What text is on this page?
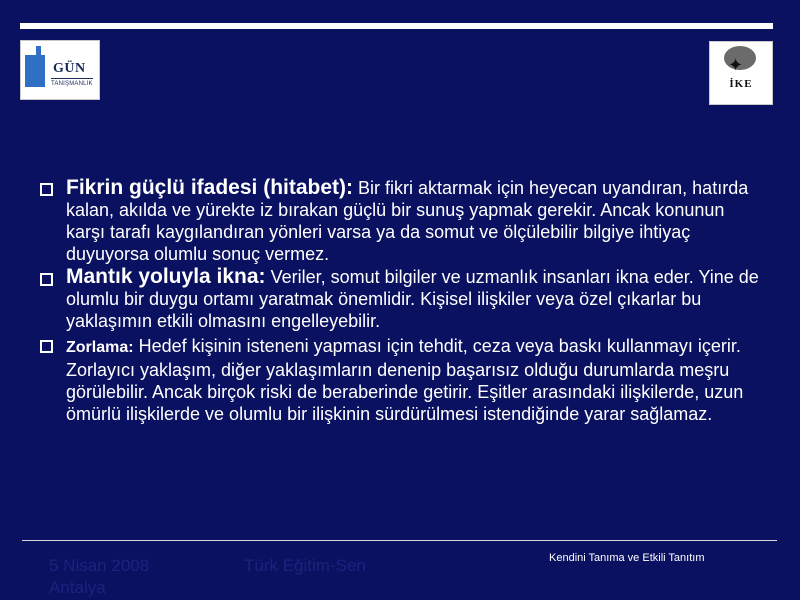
GÜN
TANIŞMANLIK
✦
İKE
Fikrin güçlü ifadesi (hitabet): Bir fikri aktarmak için heyecan uyandıran, hatırda kalan, akılda ve yürekte iz bırakan güçlü bir sunuş yapmak gerekir. Ancak konunun karşı tarafı kaygılandıran yönleri varsa ya da somut ve ölçülebilir bilgiye ihtiyaç duyuyorsa olumlu sonuç vermez.
Mantık yoluyla ikna: Veriler, somut bilgiler ve uzmanlık insanları ikna eder. Yine de olumlu bir duygu ortamı yaratmak önemlidir. Kişisel ilişkiler veya özel çıkarlar bu yaklaşımın etkili olmasını engelleyebilir.
Zorlama: Hedef kişinin isteneni yapması için tehdit, ceza veya baskı kullanmayı içerir. Zorlayıcı yaklaşım, diğer yaklaşımların denenip başarısız olduğu durumlarda meşru görülebilir. Ancak birçok riski de beraberinde getirir. Eşitler arasındaki ilişkilerde, uzun ömürlü ilişkilerde ve olumlu bir ilişkinin sürdürülmesi istendiğinde yarar sağlamaz.
5 Nisan 2008 Antalya
Türk Eğitim-Sen	Kendini Tanıma ve Etkili Tanıtım
